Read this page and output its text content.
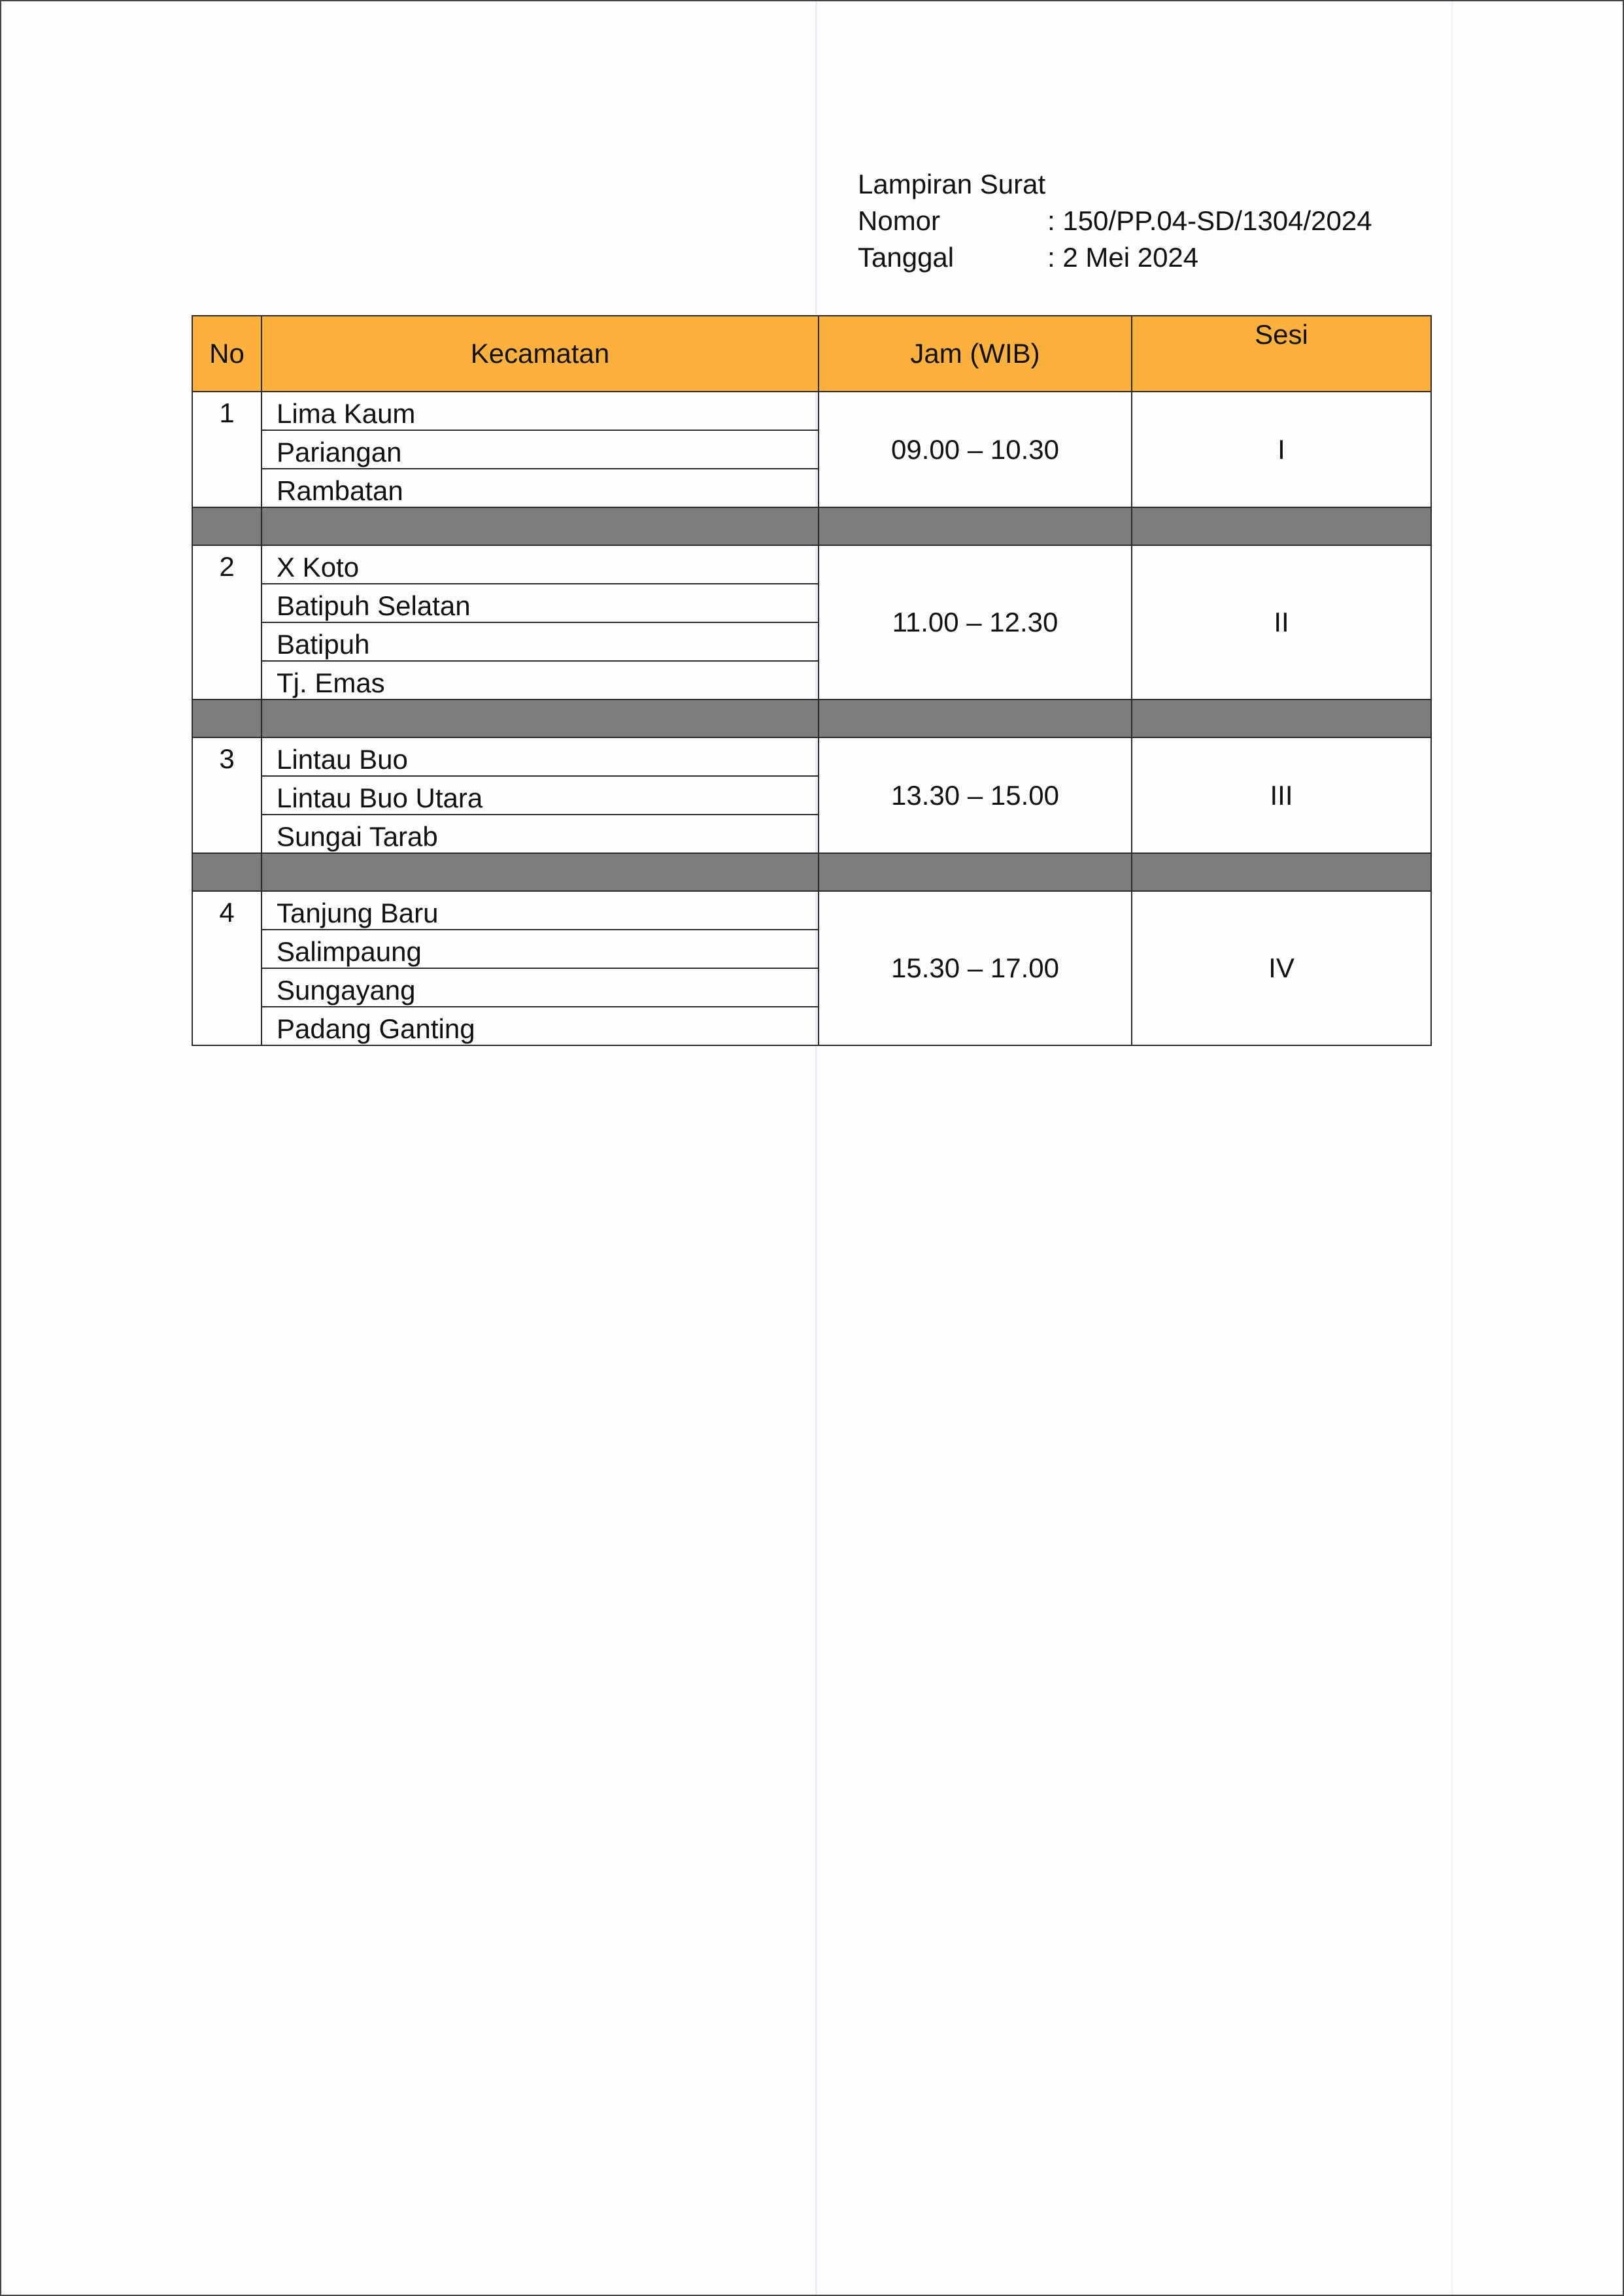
Lampiran Surat
Nomor	: 150/PP.04-SD/1304/2024
Tanggal	: 2 Mei 2024
No	Kecamatan	Jam (WIB)	Sesi
1	Lima Kaum	09.00 – 10.30	I
	Pariangan		
	Rambatan		

2	X Koto	11.00 – 12.30	II
	Batipuh Selatan		
	Batipuh		
	Tj. Emas		

3	Lintau Buo	13.30 – 15.00	III
	Lintau Buo Utara		
	Sungai Tarab		

4	Tanjung Baru	15.30 – 17.00	IV
	Salimpaung		
	Sungayang		
	Padang Ganting		
